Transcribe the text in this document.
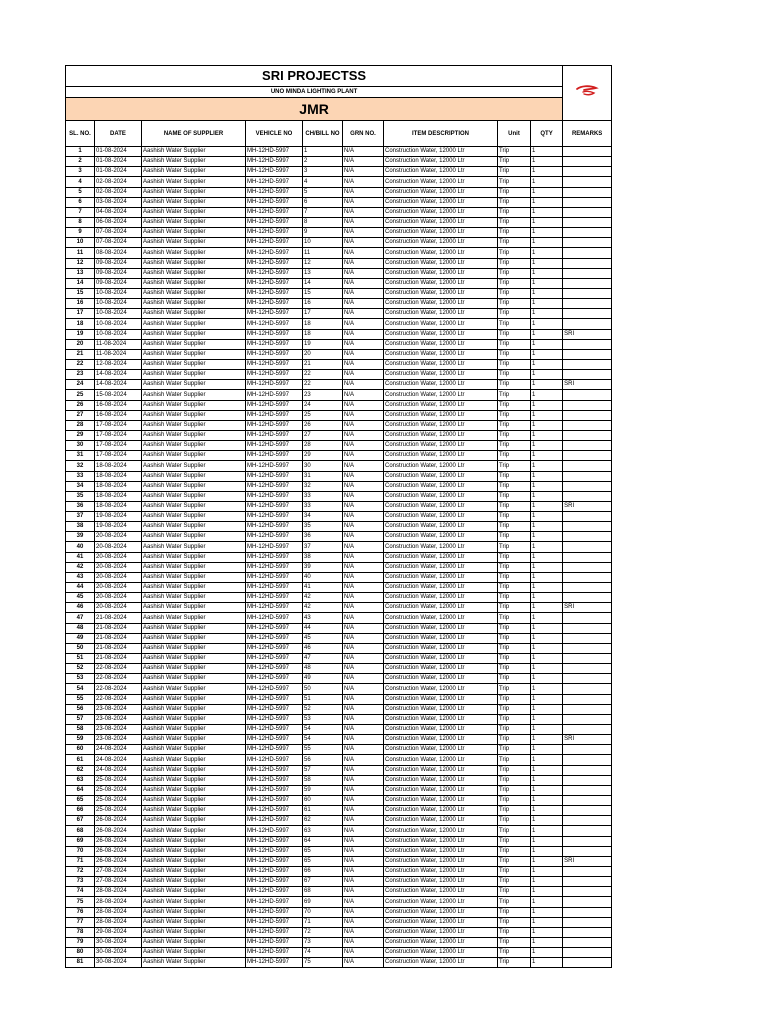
SRI PROJECTSS	
UNO MINDA LIGHTING PLANT									
JMR									
SL. NO.	DATE	NAME OF SUPPLIER	VEHICLE NO	CH/BILL NO	GRN NO.	ITEM DESCRIPTION	Unit	QTY	REMARKS
1	01-08-2024	Aashish Water Supplier	MH-12HD-5997	1	N/A	Construction Water, 12000 Ltr	Trip	1	
2	01-08-2024	Aashish Water Supplier	MH-12HD-5997	2	N/A	Construction Water, 12000 Ltr	Trip	1	
3	01-08-2024	Aashish Water Supplier	MH-12HD-5997	3	N/A	Construction Water, 12000 Ltr	Trip	1	
4	02-08-2024	Aashish Water Supplier	MH-12HD-5997	4	N/A	Construction Water, 12000 Ltr	Trip	1	
5	02-08-2024	Aashish Water Supplier	MH-12HD-5997	5	N/A	Construction Water, 12000 Ltr	Trip	1	
6	03-08-2024	Aashish Water Supplier	MH-12HD-5997	6	N/A	Construction Water, 12000 Ltr	Trip	1	
7	04-08-2024	Aashish Water Supplier	MH-12HD-5997	7	N/A	Construction Water, 12000 Ltr	Trip	1	
8	06-08-2024	Aashish Water Supplier	MH-12HD-5997	8	N/A	Construction Water, 12000 Ltr	Trip	1	
9	07-08-2024	Aashish Water Supplier	MH-12HD-5997	9	N/A	Construction Water, 12000 Ltr	Trip	1	
10	07-08-2024	Aashish Water Supplier	MH-12HD-5997	10	N/A	Construction Water, 12000 Ltr	Trip	1	
11	08-08-2024	Aashish Water Supplier	MH-12HD-5997	11	N/A	Construction Water, 12000 Ltr	Trip	1	
12	09-08-2024	Aashish Water Supplier	MH-12HD-5997	12	N/A	Construction Water, 12000 Ltr	Trip	1	
13	09-08-2024	Aashish Water Supplier	MH-12HD-5997	13	N/A	Construction Water, 12000 Ltr	Trip	1	
14	09-08-2024	Aashish Water Supplier	MH-12HD-5997	14	N/A	Construction Water, 12000 Ltr	Trip	1	
15	10-08-2024	Aashish Water Supplier	MH-12HD-5997	15	N/A	Construction Water, 12000 Ltr	Trip	1	
16	10-08-2024	Aashish Water Supplier	MH-12HD-5997	16	N/A	Construction Water, 12000 Ltr	Trip	1	
17	10-08-2024	Aashish Water Supplier	MH-12HD-5997	17	N/A	Construction Water, 12000 Ltr	Trip	1	
18	10-08-2024	Aashish Water Supplier	MH-12HD-5997	18	N/A	Construction Water, 12000 Ltr	Trip	1	
19	10-08-2024	Aashish Water Supplier	MH-12HD-5997	18	N/A	Construction Water, 12000 Ltr	Trip	1	SRI
20	11-08-2024	Aashish Water Supplier	MH-12HD-5997	19	N/A	Construction Water, 12000 Ltr	Trip	1	
21	11-08-2024	Aashish Water Supplier	MH-12HD-5997	20	N/A	Construction Water, 12000 Ltr	Trip	1	
22	12-08-2024	Aashish Water Supplier	MH-12HD-5997	21	N/A	Construction Water, 12000 Ltr	Trip	1	
23	14-08-2024	Aashish Water Supplier	MH-12HD-5997	22	N/A	Construction Water, 12000 Ltr	Trip	1	
24	14-08-2024	Aashish Water Supplier	MH-12HD-5997	22	N/A	Construction Water, 12000 Ltr	Trip	1	SRI
25	15-08-2024	Aashish Water Supplier	MH-12HD-5997	23	N/A	Construction Water, 12000 Ltr	Trip	1	
26	16-08-2024	Aashish Water Supplier	MH-12HD-5997	24	N/A	Construction Water, 12000 Ltr	Trip	1	
27	16-08-2024	Aashish Water Supplier	MH-12HD-5997	25	N/A	Construction Water, 12000 Ltr	Trip	1	
28	17-08-2024	Aashish Water Supplier	MH-12HD-5997	26	N/A	Construction Water, 12000 Ltr	Trip	1	
29	17-08-2024	Aashish Water Supplier	MH-12HD-5997	27	N/A	Construction Water, 12000 Ltr	Trip	1	
30	17-08-2024	Aashish Water Supplier	MH-12HD-5997	28	N/A	Construction Water, 12000 Ltr	Trip	1	
31	17-08-2024	Aashish Water Supplier	MH-12HD-5997	29	N/A	Construction Water, 12000 Ltr	Trip	1	
32	18-08-2024	Aashish Water Supplier	MH-12HD-5997	30	N/A	Construction Water, 12000 Ltr	Trip	1	
33	18-08-2024	Aashish Water Supplier	MH-12HD-5997	31	N/A	Construction Water, 12000 Ltr	Trip	1	
34	18-08-2024	Aashish Water Supplier	MH-12HD-5997	32	N/A	Construction Water, 12000 Ltr	Trip	1	
35	18-08-2024	Aashish Water Supplier	MH-12HD-5997	33	N/A	Construction Water, 12000 Ltr	Trip	1	
36	18-08-2024	Aashish Water Supplier	MH-12HD-5997	33	N/A	Construction Water, 12000 Ltr	Trip	1	SRI
37	19-08-2024	Aashish Water Supplier	MH-12HD-5997	34	N/A	Construction Water, 12000 Ltr	Trip	1	
38	19-08-2024	Aashish Water Supplier	MH-12HD-5997	35	N/A	Construction Water, 12000 Ltr	Trip	1	
39	20-08-2024	Aashish Water Supplier	MH-12HD-5997	36	N/A	Construction Water, 12000 Ltr	Trip	1	
40	20-08-2024	Aashish Water Supplier	MH-12HD-5997	37	N/A	Construction Water, 12000 Ltr	Trip	1	
41	20-08-2024	Aashish Water Supplier	MH-12HD-5997	38	N/A	Construction Water, 12000 Ltr	Trip	1	
42	20-08-2024	Aashish Water Supplier	MH-12HD-5997	39	N/A	Construction Water, 12000 Ltr	Trip	1	
43	20-08-2024	Aashish Water Supplier	MH-12HD-5997	40	N/A	Construction Water, 12000 Ltr	Trip	1	
44	20-08-2024	Aashish Water Supplier	MH-12HD-5997	41	N/A	Construction Water, 12000 Ltr	Trip	1	
45	20-08-2024	Aashish Water Supplier	MH-12HD-5997	42	N/A	Construction Water, 12000 Ltr	Trip	1	
46	20-08-2024	Aashish Water Supplier	MH-12HD-5997	42	N/A	Construction Water, 12000 Ltr	Trip	1	SRI
47	21-08-2024	Aashish Water Supplier	MH-12HD-5997	43	N/A	Construction Water, 12000 Ltr	Trip	1	
48	21-08-2024	Aashish Water Supplier	MH-12HD-5997	44	N/A	Construction Water, 12000 Ltr	Trip	1	
49	21-08-2024	Aashish Water Supplier	MH-12HD-5997	45	N/A	Construction Water, 12000 Ltr	Trip	1	
50	21-08-2024	Aashish Water Supplier	MH-12HD-5997	46	N/A	Construction Water, 12000 Ltr	Trip	1	
51	21-08-2024	Aashish Water Supplier	MH-12HD-5997	47	N/A	Construction Water, 12000 Ltr	Trip	1	
52	22-08-2024	Aashish Water Supplier	MH-12HD-5997	48	N/A	Construction Water, 12000 Ltr	Trip	1	
53	22-08-2024	Aashish Water Supplier	MH-12HD-5997	49	N/A	Construction Water, 12000 Ltr	Trip	1	
54	22-08-2024	Aashish Water Supplier	MH-12HD-5997	50	N/A	Construction Water, 12000 Ltr	Trip	1	
55	22-08-2024	Aashish Water Supplier	MH-12HD-5997	51	N/A	Construction Water, 12000 Ltr	Trip	1	
56	23-08-2024	Aashish Water Supplier	MH-12HD-5997	52	N/A	Construction Water, 12000 Ltr	Trip	1	
57	23-08-2024	Aashish Water Supplier	MH-12HD-5997	53	N/A	Construction Water, 12000 Ltr	Trip	1	
58	23-08-2024	Aashish Water Supplier	MH-12HD-5997	54	N/A	Construction Water, 12000 Ltr	Trip	1	
59	23-08-2024	Aashish Water Supplier	MH-12HD-5997	54	N/A	Construction Water, 12000 Ltr	Trip	1	SRI
60	24-08-2024	Aashish Water Supplier	MH-12HD-5997	55	N/A	Construction Water, 12000 Ltr	Trip	1	
61	24-08-2024	Aashish Water Supplier	MH-12HD-5997	56	N/A	Construction Water, 12000 Ltr	Trip	1	
62	24-08-2024	Aashish Water Supplier	MH-12HD-5997	57	N/A	Construction Water, 12000 Ltr	Trip	1	
63	25-08-2024	Aashish Water Supplier	MH-12HD-5997	58	N/A	Construction Water, 12000 Ltr	Trip	1	
64	25-08-2024	Aashish Water Supplier	MH-12HD-5997	59	N/A	Construction Water, 12000 Ltr	Trip	1	
65	25-08-2024	Aashish Water Supplier	MH-12HD-5997	60	N/A	Construction Water, 12000 Ltr	Trip	1	
66	25-08-2024	Aashish Water Supplier	MH-12HD-5997	61	N/A	Construction Water, 12000 Ltr	Trip	1	
67	26-08-2024	Aashish Water Supplier	MH-12HD-5997	62	N/A	Construction Water, 12000 Ltr	Trip	1	
68	26-08-2024	Aashish Water Supplier	MH-12HD-5997	63	N/A	Construction Water, 12000 Ltr	Trip	1	
69	26-08-2024	Aashish Water Supplier	MH-12HD-5997	64	N/A	Construction Water, 12000 Ltr	Trip	1	
70	26-08-2024	Aashish Water Supplier	MH-12HD-5997	65	N/A	Construction Water, 12000 Ltr	Trip	1	
71	26-08-2024	Aashish Water Supplier	MH-12HD-5997	65	N/A	Construction Water, 12000 Ltr	Trip	1	SRI
72	27-08-2024	Aashish Water Supplier	MH-12HD-5997	66	N/A	Construction Water, 12000 Ltr	Trip	1	
73	27-08-2024	Aashish Water Supplier	MH-12HD-5997	67	N/A	Construction Water, 12000 Ltr	Trip	1	
74	28-08-2024	Aashish Water Supplier	MH-12HD-5997	68	N/A	Construction Water, 12000 Ltr	Trip	1	
75	28-08-2024	Aashish Water Supplier	MH-12HD-5997	69	N/A	Construction Water, 12000 Ltr	Trip	1	
76	28-08-2024	Aashish Water Supplier	MH-12HD-5997	70	N/A	Construction Water, 12000 Ltr	Trip	1	
77	28-08-2024	Aashish Water Supplier	MH-12HD-5997	71	N/A	Construction Water, 12000 Ltr	Trip	1	
78	29-08-2024	Aashish Water Supplier	MH-12HD-5997	72	N/A	Construction Water, 12000 Ltr	Trip	1	
79	30-08-2024	Aashish Water Supplier	MH-12HD-5997	73	N/A	Construction Water, 12000 Ltr	Trip	1	
80	30-08-2024	Aashish Water Supplier	MH-12HD-5997	74	N/A	Construction Water, 12000 Ltr	Trip	1	
81	30-08-2024	Aashish Water Supplier	MH-12HD-5997	75	N/A	Construction Water, 12000 Ltr	Trip	1	
